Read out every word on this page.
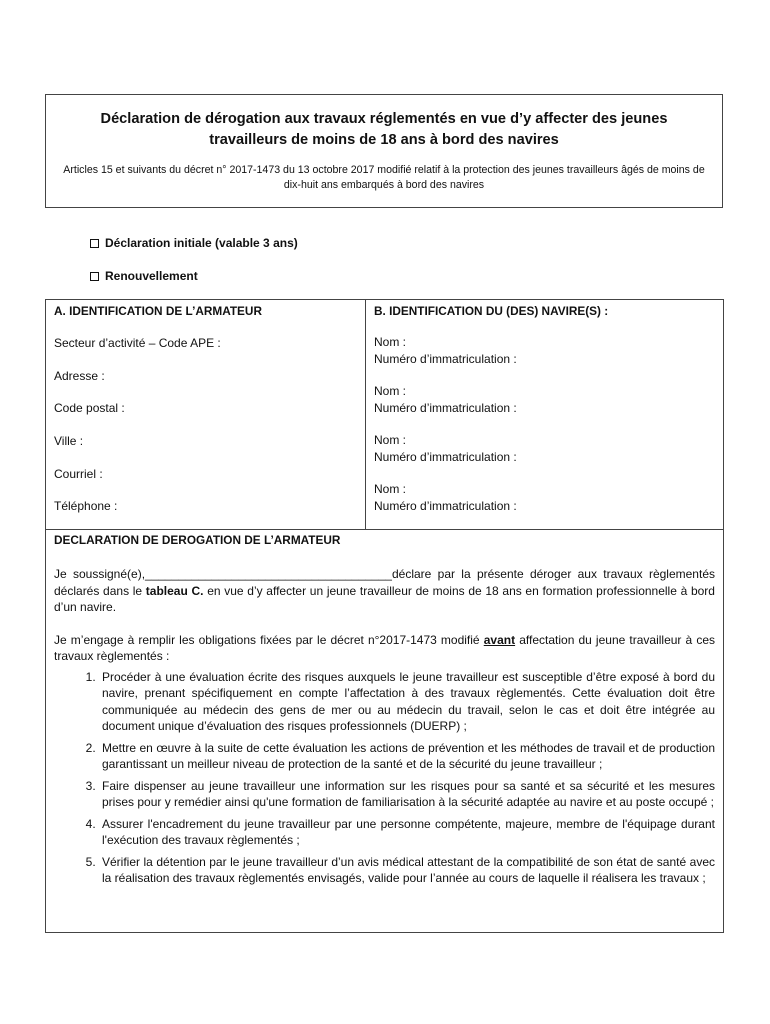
Déclaration de dérogation aux travaux réglementés en vue d’y affecter des jeunes travailleurs de moins de 18 ans à bord des navires
Articles 15 et suivants du décret n° 2017-1473 du 13 octobre 2017 modifié relatif à la protection des jeunes travailleurs âgés de moins de dix-huit ans embarqués à bord des navires
Déclaration initiale (valable 3 ans)
Renouvellement
A. IDENTIFICATION DE L’ARMATEUR
Secteur d’activité – Code APE :
Adresse :
Code postal :
Ville :
Courriel :
Téléphone :
B. IDENTIFICATION DU (DES) NAVIRE(S) :
Nom :
Numéro d’immatriculation :
Nom :
Numéro d’immatriculation :
Nom :
Numéro d’immatriculation :
Nom :
Numéro d’immatriculation :
DECLARATION DE DEROGATION DE L’ARMATEUR

Je soussigné(e),_____________________________________déclare par la présente déroger aux travaux règlementés déclarés dans le tableau C. en vue d’y affecter un jeune travailleur de moins de 18 ans en formation professionnelle à bord d’un navire.

Je m’engage à remplir les obligations fixées par le décret n°2017-1473 modifié avant affectation du jeune travailleur à ces travaux règlementés :

1. Procéder à une évaluation écrite des risques auxquels le jeune travailleur est susceptible d’être exposé à bord du navire, prenant spécifiquement en compte l’affectation à des travaux règlementés. Cette évaluation doit être communiquée au médecin des gens de mer ou au médecin du travail, selon le cas et doit être intégrée au document unique d’évaluation des risques professionnels (DUERP) ;
2. Mettre en œuvre à la suite de cette évaluation les actions de prévention et les méthodes de travail et de production garantissant un meilleur niveau de protection de la santé et de la sécurité du jeune travailleur ;
3. Faire dispenser au jeune travailleur une information sur les risques pour sa santé et sa sécurité et les mesures prises pour y remédier ainsi qu'une formation de familiarisation à la sécurité adaptée au navire et au poste occupé ;
4. Assurer l'encadrement du jeune travailleur par une personne compétente, majeure, membre de l'équipage durant l'exécution des travaux règlementés ;
5. Vérifier la détention par le jeune travailleur d’un avis médical attestant de la compatibilité de son état de santé avec la réalisation des travaux règlementés envisagés, valide pour l’année au cours de laquelle il réalisera les travaux ;
